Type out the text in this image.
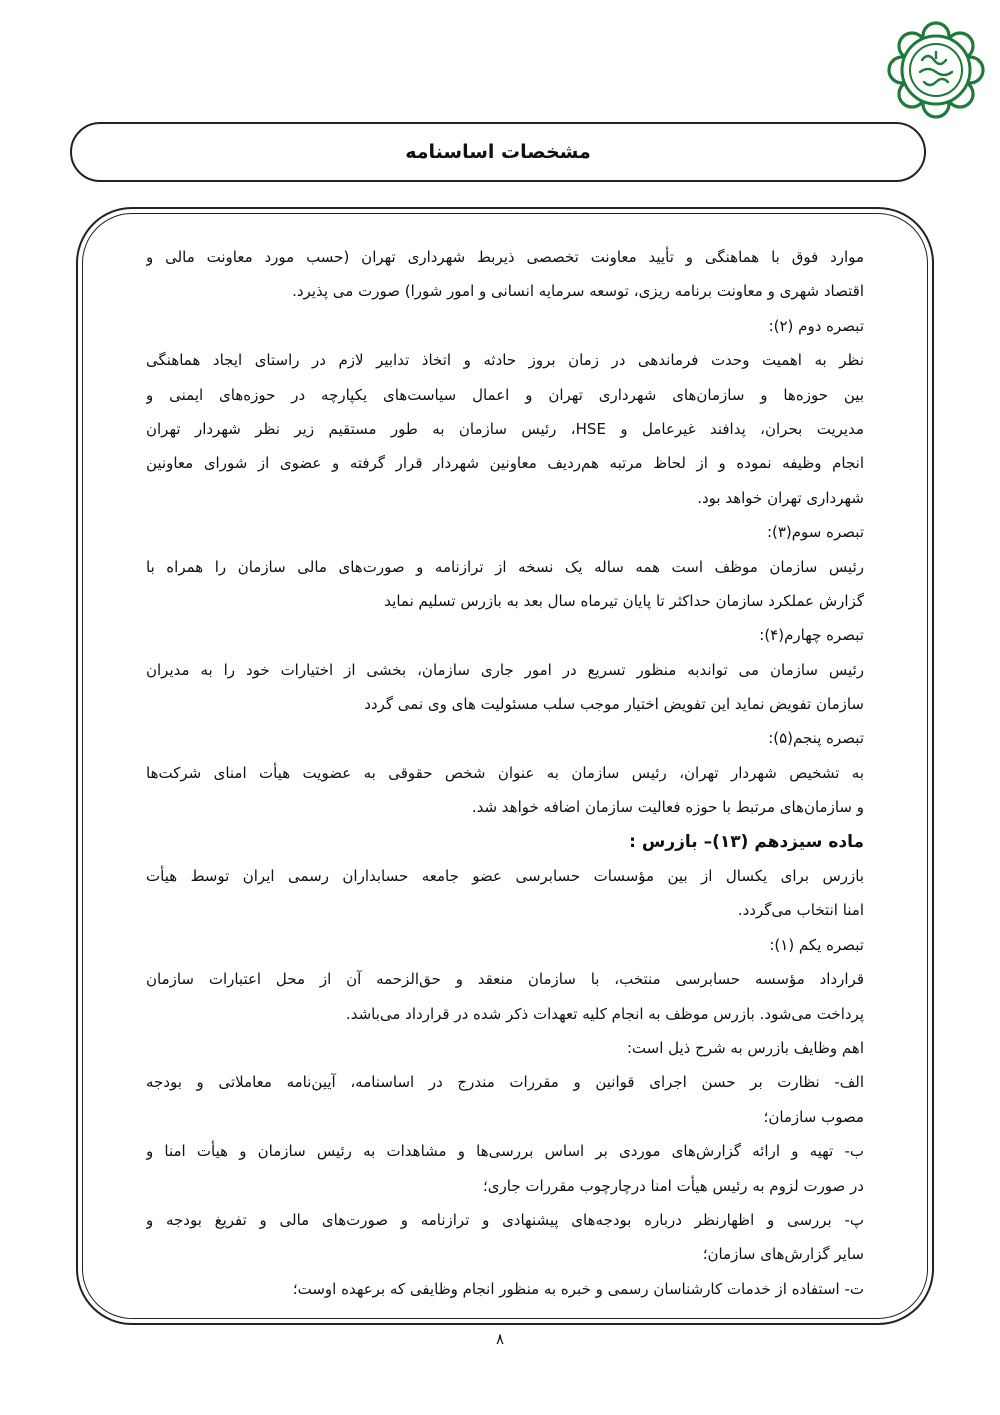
مشخصات اساسنامه
موارد فوق با هماهنگی و تأیید معاونت تخصصی ذیربط شهرداری تهران (حسب مورد معاونت مالی و
اقتصاد شهری و معاونت برنامه ریزی، توسعه سرمایه انسانی و امور شورا) صورت می پذیرد.
تبصره دوم (۲):
نظر به اهمیت وحدت فرماندهی در زمان بروز حادثه و اتخاذ تدابیر لازم در راستای ایجاد هماهنگی
بین حوزه‌ها و سازمان‌های شهرداری تهران و اعمال سیاست‌های یکپارچه در حوزه‌های ایمنی و
مدیریت بحران، پدافند غیرعامل و HSE، رئیس سازمان به طور مستقیم زیر نظر شهردار تهران
انجام وظیفه نموده و از لحاظ مرتبه هم‌ردیف معاونین شهردار قرار گرفته و عضوی از شورای معاونین
شهرداری تهران خواهد بود.
تبصره سوم(۳):
رئیس سازمان موظف است همه ساله یک نسخه از ترازنامه و صورت‌های مالی سازمان را همراه با
گزارش عملکرد سازمان حداکثر تا پایان تیرماه سال بعد به بازرس تسلیم نماید
تبصره چهارم(۴):
رئیس سازمان می تواندبه منظور تسریع در امور جاری سازمان، بخشی از اختیارات خود را به مدیران
سازمان تفویض نماید این تفویض اختیار موجب سلب مسئولیت های وی نمی گردد
تبصره پنجم(۵):
به تشخیص شهردار تهران، رئیس سازمان به عنوان شخص حقوقی به عضویت هیأت امنای شرکت‌ها
و سازمان‌های مرتبط با حوزه فعالیت سازمان اضافه خواهد شد.
ماده سیزدهم (۱۳)– بازرس :
بازرس برای یکسال از بین مؤسسات حسابرسی عضو جامعه حسابداران رسمی ایران توسط هیأت
امنا انتخاب می‌گردد.
تبصره یکم (۱):
قرارداد مؤسسه حسابرسی منتخب، با سازمان منعقد و حق‌الزحمه آن از محل اعتبارات سازمان
پرداخت می‌شود. بازرس موظف به انجام کلیه تعهدات ذکر شده در قرارداد می‌باشد.
اهم وظایف بازرس به شرح ذیل است:
الف- نظارت بر حسن اجرای قوانین و مقررات مندرج در اساسنامه، آیین‌نامه معاملاتی و بودجه
مصوب سازمان؛
ب- تهیه و ارائه گزارش‌های موردی بر اساس بررسی‌ها و مشاهدات به رئیس سازمان و هیأت امنا و
در صورت لزوم به رئیس هیأت امنا درچارچوب مقررات جاری؛
پ- بررسی و اظهارنظر درباره بودجه‌های پیشنهادی و ترازنامه و صورت‌های مالی و تفریغ بودجه و
سایر گزارش‌های سازمان؛
ت- استفاده از خدمات کارشناسان رسمی و خبره به منظور انجام وظایفی که برعهده اوست؛
۸
